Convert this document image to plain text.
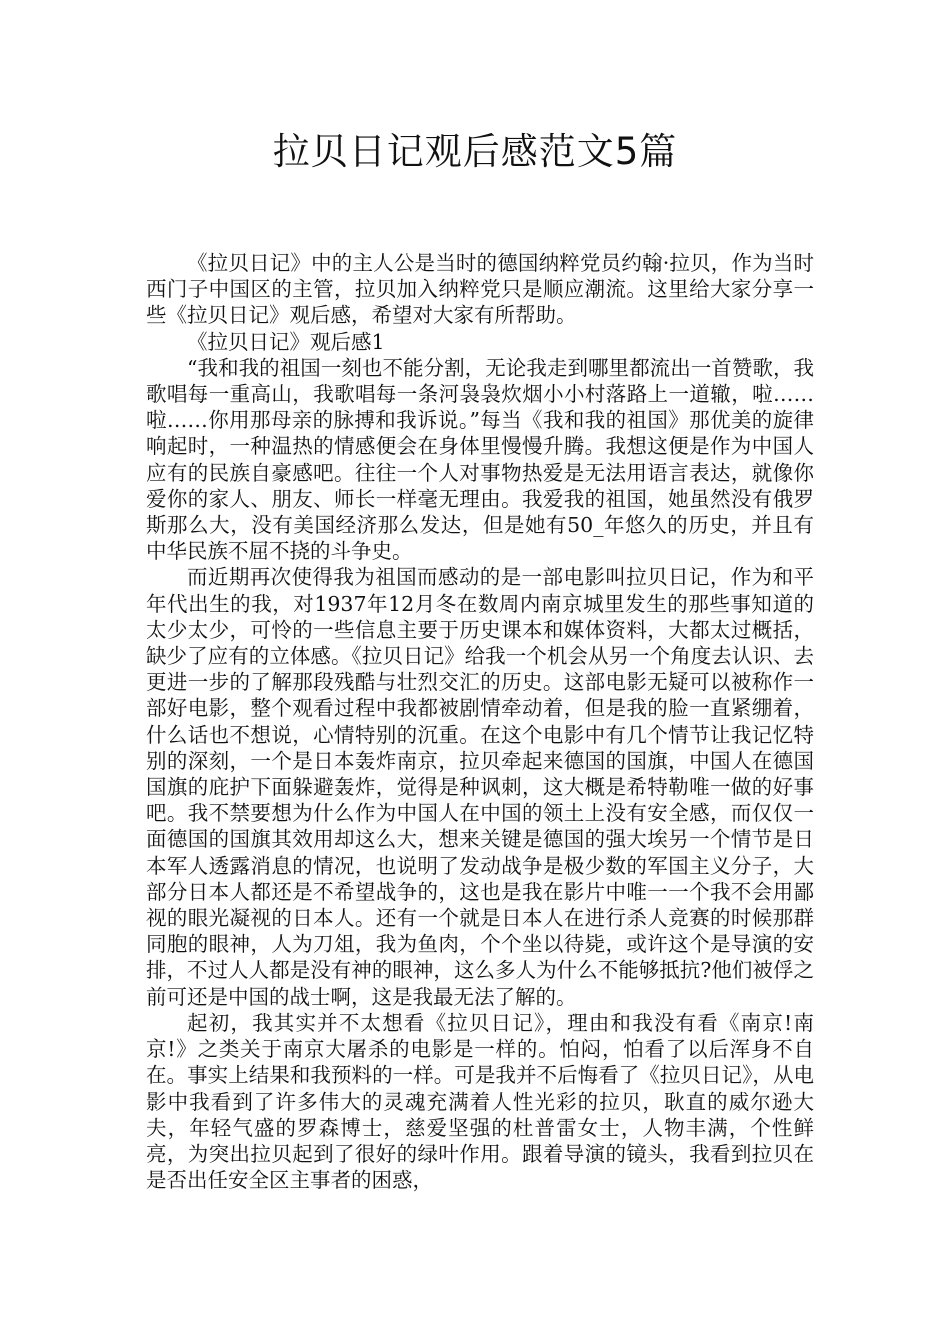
拉贝日记观后感范文5篇

《拉贝日记》中的主人公是当时的德国纳粹党员约翰·拉贝，作为当时西门子中国区的主管，拉贝加入纳粹党只是顺应潮流。这里给大家分享一些《拉贝日记》观后感，希望对大家有所帮助。

《拉贝日记》观后感1

“我和我的祖国一刻也不能分割，无论我走到哪里都流出一首赞歌，我歌唱每一重高山，我歌唱每一条河袅袅炊烟小小村落路上一道辙，啦……啦……你用那母亲的脉搏和我诉说。”每当《我和我的祖国》那优美的旋律响起时，一种温热的情感便会在身体里慢慢升腾。我想这便是作为中国人应有的民族自豪感吧。往往一个人对事物热爱是无法用语言表达，就像你爱你的家人、朋友、师长一样毫无理由。我爱我的祖国，她虽然没有俄罗斯那么大，没有美国经济那么发达，但是她有50_年悠久的历史，并且有中华民族不屈不挠的斗争史。

而近期再次使得我为祖国而感动的是一部电影叫拉贝日记，作为和平年代出生的我，对1937年12月冬在数周内南京城里发生的那些事知道的太少太少，可怜的一些信息主要于历史课本和媒体资料，大都太过概括，缺少了应有的立体感。《拉贝日记》给我一个机会从另一个角度去认识、去更进一步的了解那段残酷与壮烈交汇的历史。这部电影无疑可以被称作一部好电影，整个观看过程中我都被剧情牵动着，但是我的脸一直紧绷着，什么话也不想说，心情特别的沉重。在这个电影中有几个情节让我记忆特别的深刻，一个是日本轰炸南京，拉贝牵起来德国的国旗，中国人在德国国旗的庇护下面躲避轰炸，觉得是种讽刺，这大概是希特勒唯一做的好事吧。我不禁要想为什么作为中国人在中国的领土上没有安全感，而仅仅一面德国的国旗其效用却这么大，想来关键是德国的强大埃另一个情节是日本军人透露消息的情况，也说明了发动战争是极少数的军国主义分子，大部分日本人都还是不希望战争的，这也是我在影片中唯一一个我不会用鄙视的眼光凝视的日本人。还有一个就是日本人在进行杀人竞赛的时候那群同胞的眼神，人为刀俎，我为鱼肉，个个坐以待毙，或许这个是导演的安排，不过人人都是没有神的眼神，这么多人为什么不能够抵抗?他们被俘之前可还是中国的战士啊，这是我最无法了解的。

起初，我其实并不太想看《拉贝日记》，理由和我没有看《南京!南京!》之类关于南京大屠杀的电影是一样的。怕闷，怕看了以后浑身不自在。事实上结果和我预料的一样。可是我并不后悔看了《拉贝日记》，从电影中我看到了许多伟大的灵魂充满着人性光彩的拉贝，耿直的威尔逊大夫，年轻气盛的罗森博士，慈爱坚强的杜普雷女士，人物丰满，个性鲜亮，为突出拉贝起到了很好的绿叶作用。跟着导演的镜头，我看到拉贝在是否出任安全区主事者的困惑，
